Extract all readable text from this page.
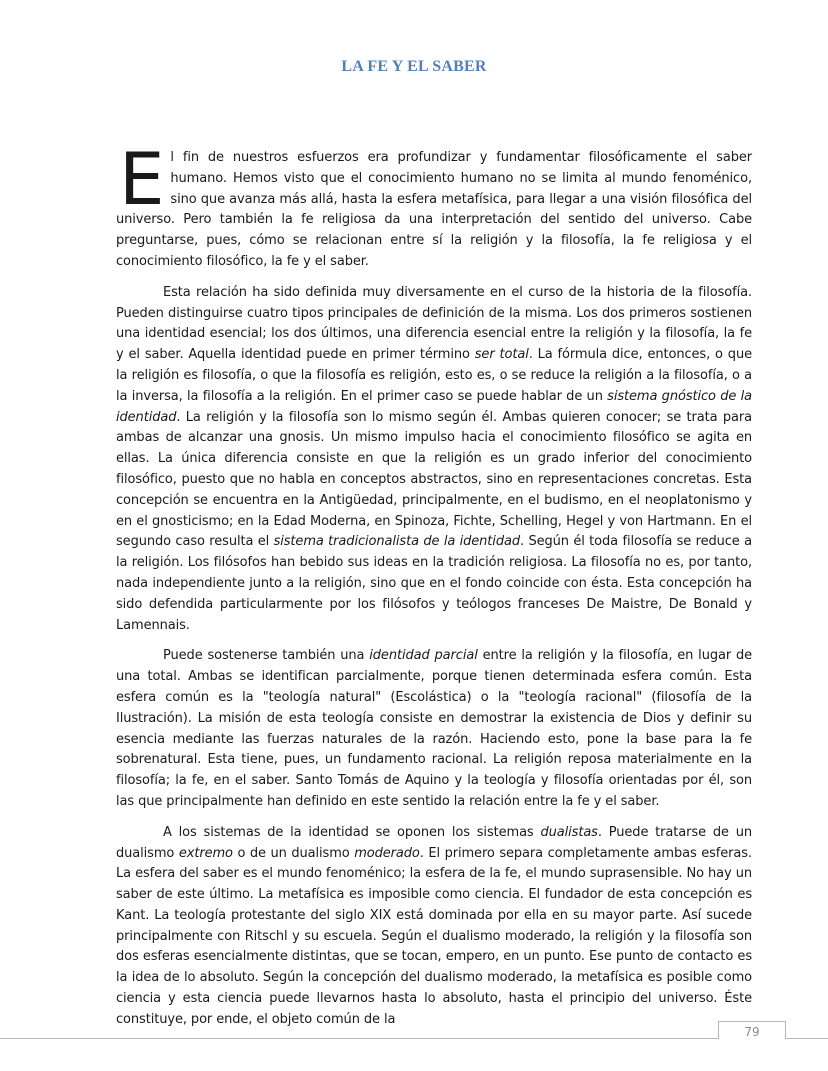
LA FE Y EL SABER

El fin de nuestros esfuerzos era profundizar y fundamentar filosóficamente el saber humano. Hemos visto que el conocimiento humano no se limita al mundo fenoménico, sino que avanza más allá, hasta la esfera metafísica, para llegar a una visión filosófica del universo. Pero también la fe religiosa da una interpretación del sentido del universo. Cabe preguntarse, pues, cómo se relacionan entre sí la religión y la filosofía, la fe religiosa y el conocimiento filosófico, la fe y el saber.

Esta relación ha sido definida muy diversamente en el curso de la historia de la filosofía. Pueden distinguirse cuatro tipos principales de definición de la misma. Los dos primeros sostienen una identidad esencial; los dos últimos, una diferencia esencial entre la religión y la filosofía, la fe y el saber. Aquella identidad puede en primer término ser total. La fórmula dice, entonces, o que la religión es filosofía, o que la filosofía es religión, esto es, o se reduce la religión a la filosofía, o a la inversa, la filosofía a la religión. En el primer caso se puede hablar de un sistema gnóstico de la identidad. La religión y la filosofía son lo mismo según él. Ambas quieren conocer; se trata para ambas de alcanzar una gnosis. Un mismo impulso hacia el conocimiento filosófico se agita en ellas. La única diferencia consiste en que la religión es un grado inferior del conocimiento filosófico, puesto que no habla en conceptos abstractos, sino en representaciones concretas. Esta concepción se encuentra en la Antigüedad, principalmente, en el budismo, en el neoplatonismo y en el gnosticismo; en la Edad Moderna, en Spinoza, Fichte, Schelling, Hegel y von Hartmann. En el segundo caso resulta el sistema tradicionalista de la identidad. Según él toda filosofía se reduce a la religión. Los filósofos han bebido sus ideas en la tradición religiosa. La filosofía no es, por tanto, nada independiente junto a la religión, sino que en el fondo coincide con ésta. Esta concepción ha sido defendida particularmente por los filósofos y teólogos franceses De Maistre, De Bonald y Lamennais.

Puede sostenerse también una identidad parcial entre la religión y la filosofía, en lugar de una total. Ambas se identifican parcialmente, porque tienen determinada esfera común. Esta esfera común es la "teología natural" (Escolástica) o la "teología racional" (filosofía de la Ilustración). La misión de esta teología consiste en demostrar la existencia de Dios y definir su esencia mediante las fuerzas naturales de la razón. Haciendo esto, pone la base para la fe sobrenatural. Esta tiene, pues, un fundamento racional. La religión reposa materialmente en la filosofía; la fe, en el saber. Santo Tomás de Aquino y la teología y filosofía orientadas por él, son las que principalmente han definido en este sentido la relación entre la fe y el saber.

A los sistemas de la identidad se oponen los sistemas dualistas. Puede tratarse de un dualismo extremo o de un dualismo moderado. El primero separa completamente ambas esferas. La esfera del saber es el mundo fenoménico; la esfera de la fe, el mundo suprasensible. No hay un saber de este último. La metafísica es imposible como ciencia. El fundador de esta concepción es Kant. La teología protestante del siglo XIX está dominada por ella en su mayor parte. Así sucede principalmente con Ritschl y su escuela. Según el dualismo moderado, la religión y la filosofía son dos esferas esencialmente distintas, que se tocan, empero, en un punto. Ese punto de contacto es la idea de lo absoluto. Según la concepción del dualismo moderado, la metafísica es posible como ciencia y esta ciencia puede llevarnos hasta lo absoluto, hasta el principio del universo. Éste constituye, por ende, el objeto común de la

79
